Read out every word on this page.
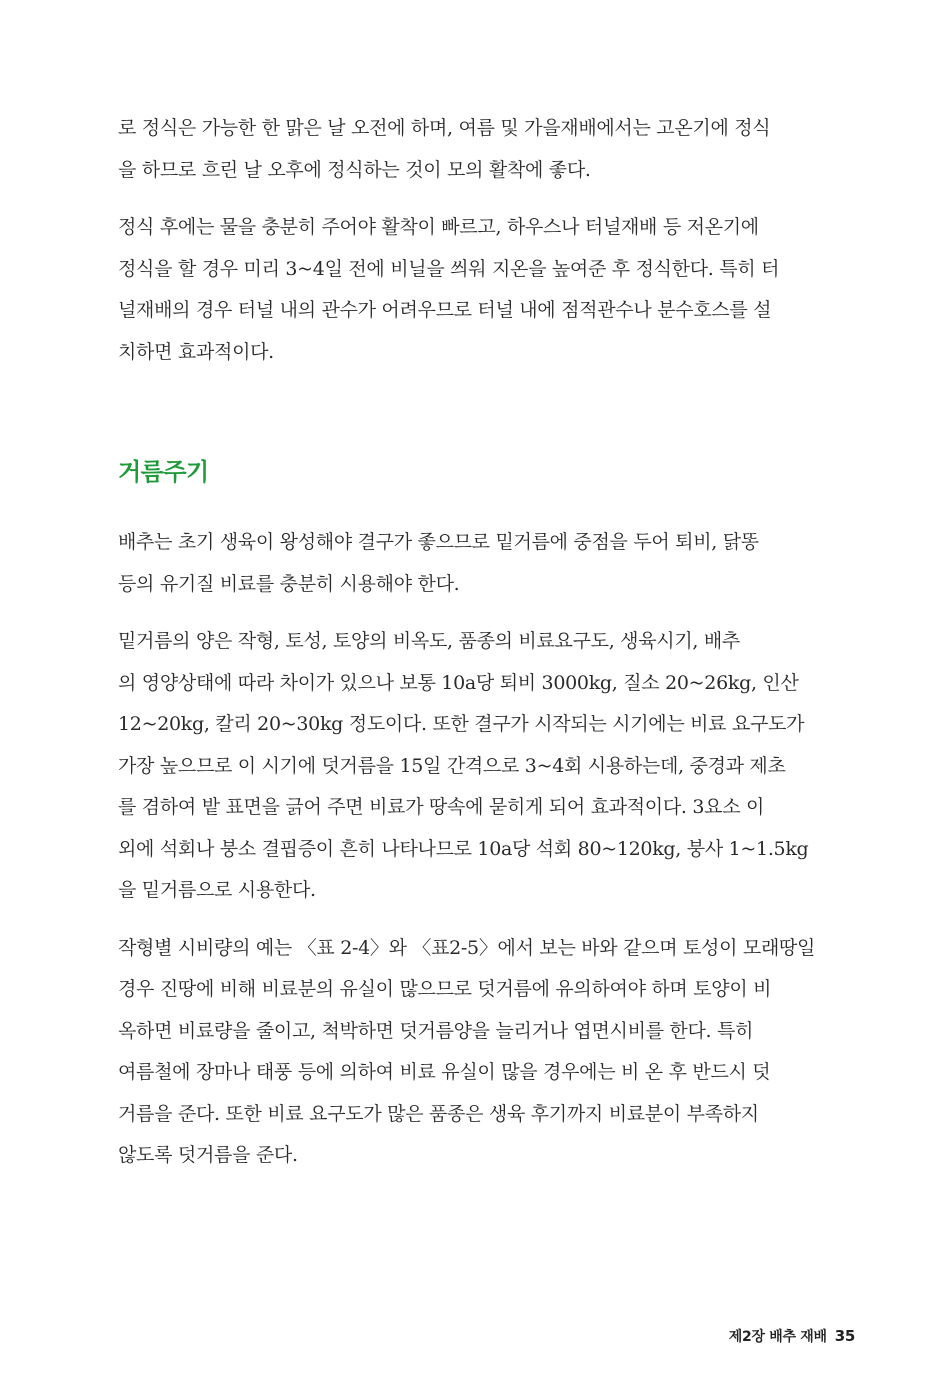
로 정식은 가능한 한 맑은 날 오전에 하며, 여름 및 가을재배에서는 고온기에 정식
을 하므로 흐린 날 오후에 정식하는 것이 모의 활착에 좋다.

정식 후에는 물을 충분히 주어야 활착이 빠르고, 하우스나 터널재배 등 저온기에
정식을 할 경우 미리 3~4일 전에 비닐을 씌워 지온을 높여준 후 정식한다. 특히 터
널재배의 경우 터널 내의 관수가 어려우므로 터널 내에 점적관수나 분수호스를 설
치하면 효과적이다.

거름주기

배추는 초기 생육이 왕성해야 결구가 좋으므로 밑거름에 중점을 두어 퇴비, 닭똥
등의 유기질 비료를 충분히 시용해야 한다.

밑거름의 양은 작형, 토성, 토양의 비옥도, 품종의 비료요구도, 생육시기, 배추
의 영양상태에 따라 차이가 있으나 보통 10a당 퇴비 3000kg, 질소 20~26kg, 인산
12~20kg, 칼리 20~30kg 정도이다. 또한 결구가 시작되는 시기에는 비료 요구도가
가장 높으므로 이 시기에 덧거름을 15일 간격으로 3~4회 시용하는데, 중경과 제초
를 겸하여 밭 표면을 긁어 주면 비료가 땅속에 묻히게 되어 효과적이다. 3요소 이
외에 석회나 붕소 결핍증이 흔히 나타나므로 10a당 석회 80~120kg, 붕사 1~1.5kg
을 밑거름으로 시용한다.

작형별 시비량의 예는 〈표 2-4〉와 〈표2-5〉에서 보는 바와 같으며 토성이 모래땅일
경우 진땅에 비해 비료분의 유실이 많으므로 덧거름에 유의하여야 하며 토양이 비
옥하면 비료량을 줄이고, 척박하면 덧거름양을 늘리거나 엽면시비를 한다. 특히
여름철에 장마나 태풍 등에 의하여 비료 유실이 많을 경우에는 비 온 후 반드시 덧
거름을 준다. 또한 비료 요구도가 많은 품종은 생육 후기까지 비료분이 부족하지
않도록 덧거름을 준다.

제2장 배추 재배 35
